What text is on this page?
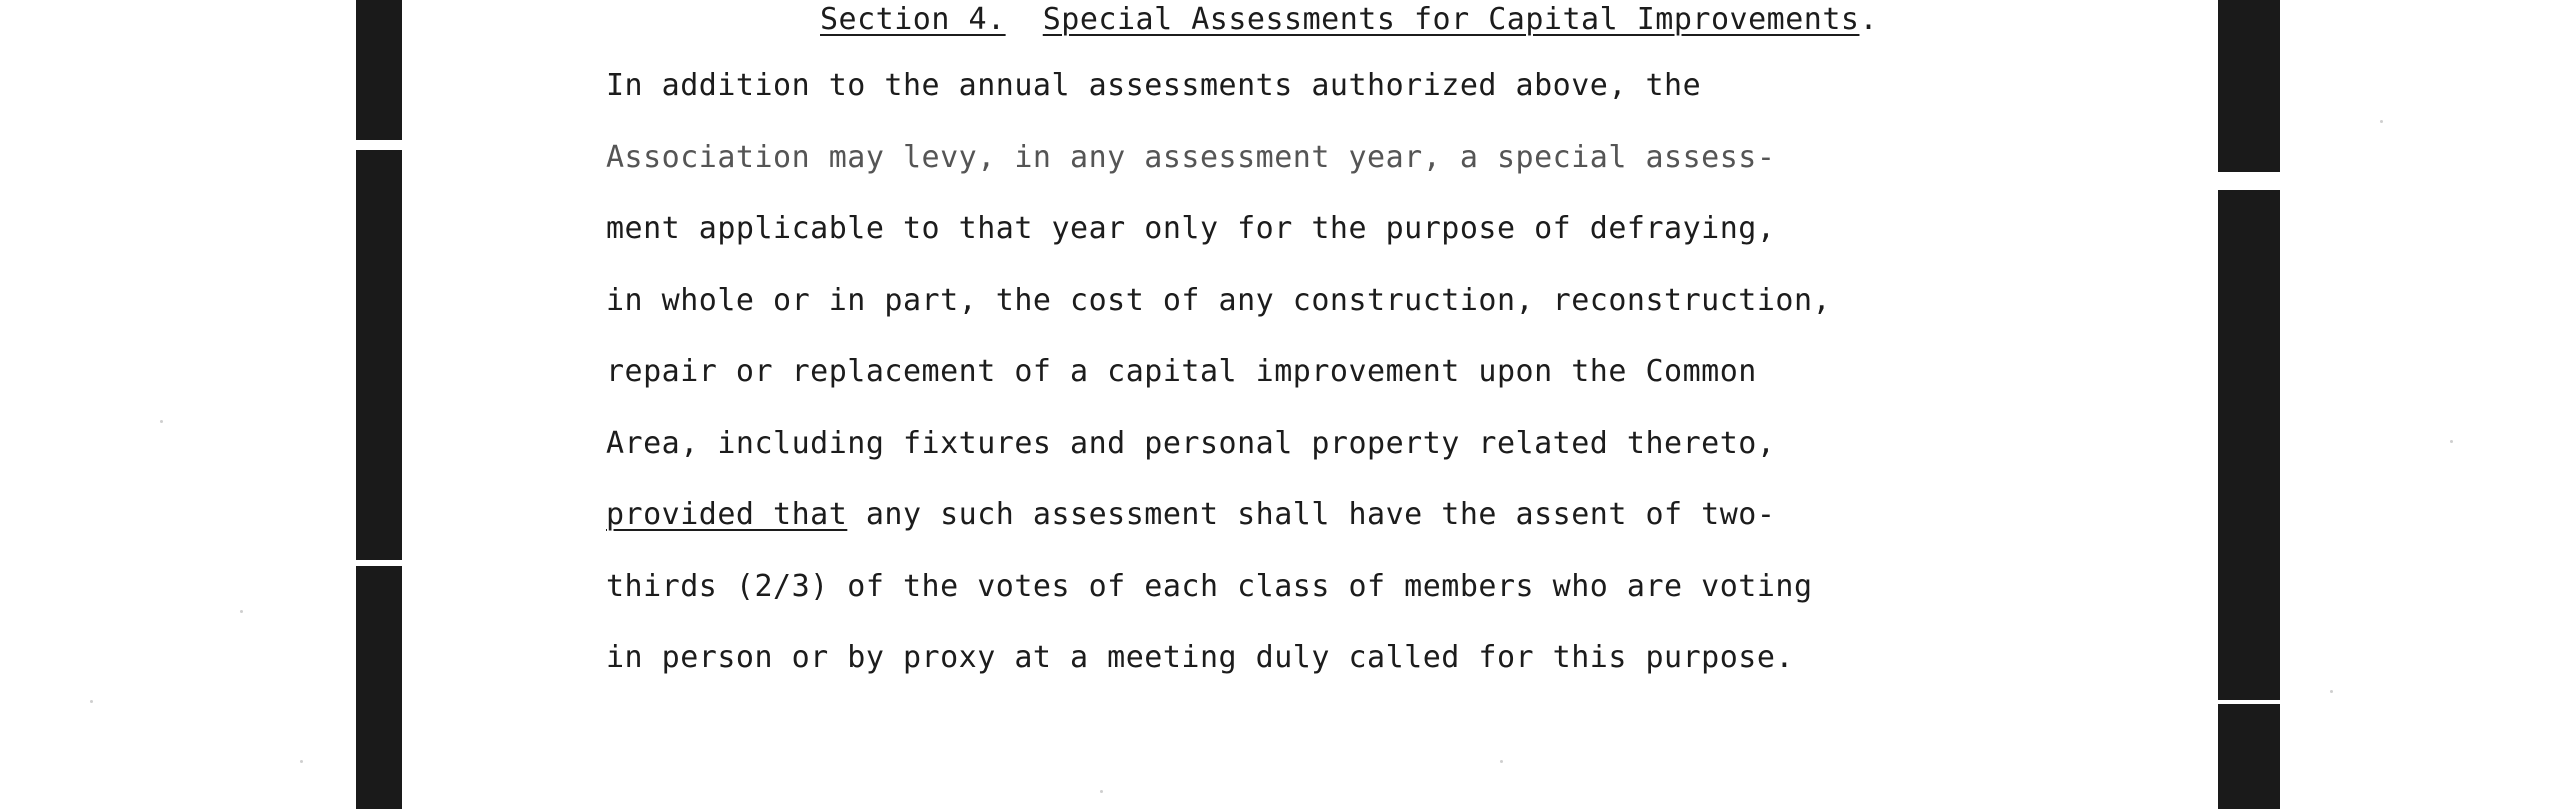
Section 4. Special Assessments for Capital Improvements.
In addition to the annual assessments authorized above, the
Association may levy, in any assessment year, a special assess-
ment applicable to that year only for the purpose of defraying,
in whole or in part, the cost of any construction, reconstruction,
repair or replacement of a capital improvement upon the Common
Area, including fixtures and personal property related thereto,
provided that any such assessment shall have the assent of two-
thirds (2/3) of the votes of each class of members who are voting
in person or by proxy at a meeting duly called for this purpose.
